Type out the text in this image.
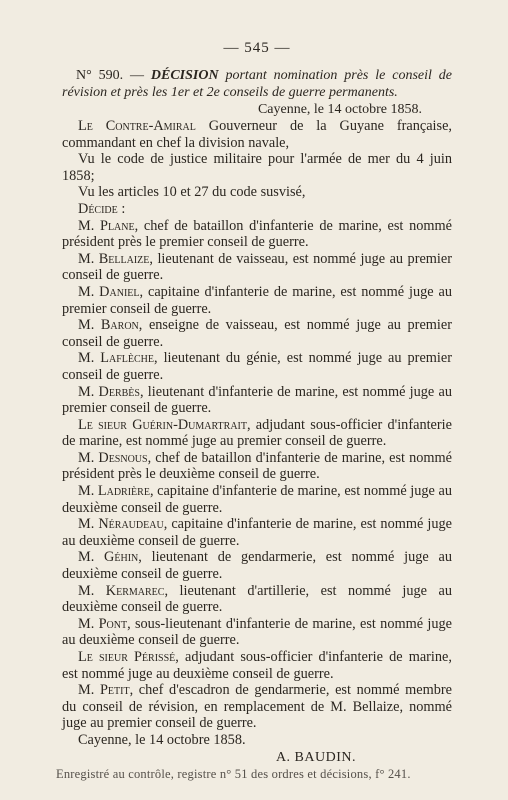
— 545 —
N° 590. — DÉCISION portant nomination près le conseil de révision et près les 1er et 2e conseils de guerre permanents.
Cayenne, le 14 octobre 1858.

Le Contre-Amiral Gouverneur de la Guyane française, commandant en chef la division navale,

Vu le code de justice militaire pour l'armée de mer du 4 juin 1858;

Vu les articles 10 et 27 du code susvisé,

Décide :

M. Plane, chef de bataillon d'infanterie de marine, est nommé président près le premier conseil de guerre.

M. Bellaize, lieutenant de vaisseau, est nommé juge au premier conseil de guerre.

M. Daniel, capitaine d'infanterie de marine, est nommé juge au premier conseil de guerre.

M. Baron, enseigne de vaisseau, est nommé juge au premier conseil de guerre.

M. Laflèche, lieutenant du génie, est nommé juge au premier conseil de guerre.

M. Derbès, lieutenant d'infanterie de marine, est nommé juge au premier conseil de guerre.

Le sieur Guérin-Dumartrait, adjudant sous-officier d'infanterie de marine, est nommé juge au premier conseil de guerre.

M. Desnous, chef de bataillon d'infanterie de marine, est nommé président près le deuxième conseil de guerre.

M. Ladrière, capitaine d'infanterie de marine, est nommé juge au deuxième conseil de guerre.

M. Néraudeau, capitaine d'infanterie de marine, est nommé juge au deuxième conseil de guerre.

M. Géhin, lieutenant de gendarmerie, est nommé juge au deuxième conseil de guerre.

M. Kermarec, lieutenant d'artillerie, est nommé juge au deuxième conseil de guerre.

M. Pont, sous-lieutenant d'infanterie de marine, est nommé juge au deuxième conseil de guerre.

Le sieur Périssé, adjudant sous-officier d'infanterie de marine, est nommé juge au deuxième conseil de guerre.

M. Petit, chef d'escadron de gendarmerie, est nommé membre du conseil de révision, en remplacement de M. Bellaize, nommé juge au premier conseil de guerre.

Cayenne, le 14 octobre 1858.

A. BAUDIN.
Enregistré au contrôle, registre n° 51 des ordres et décisions, f° 241.
